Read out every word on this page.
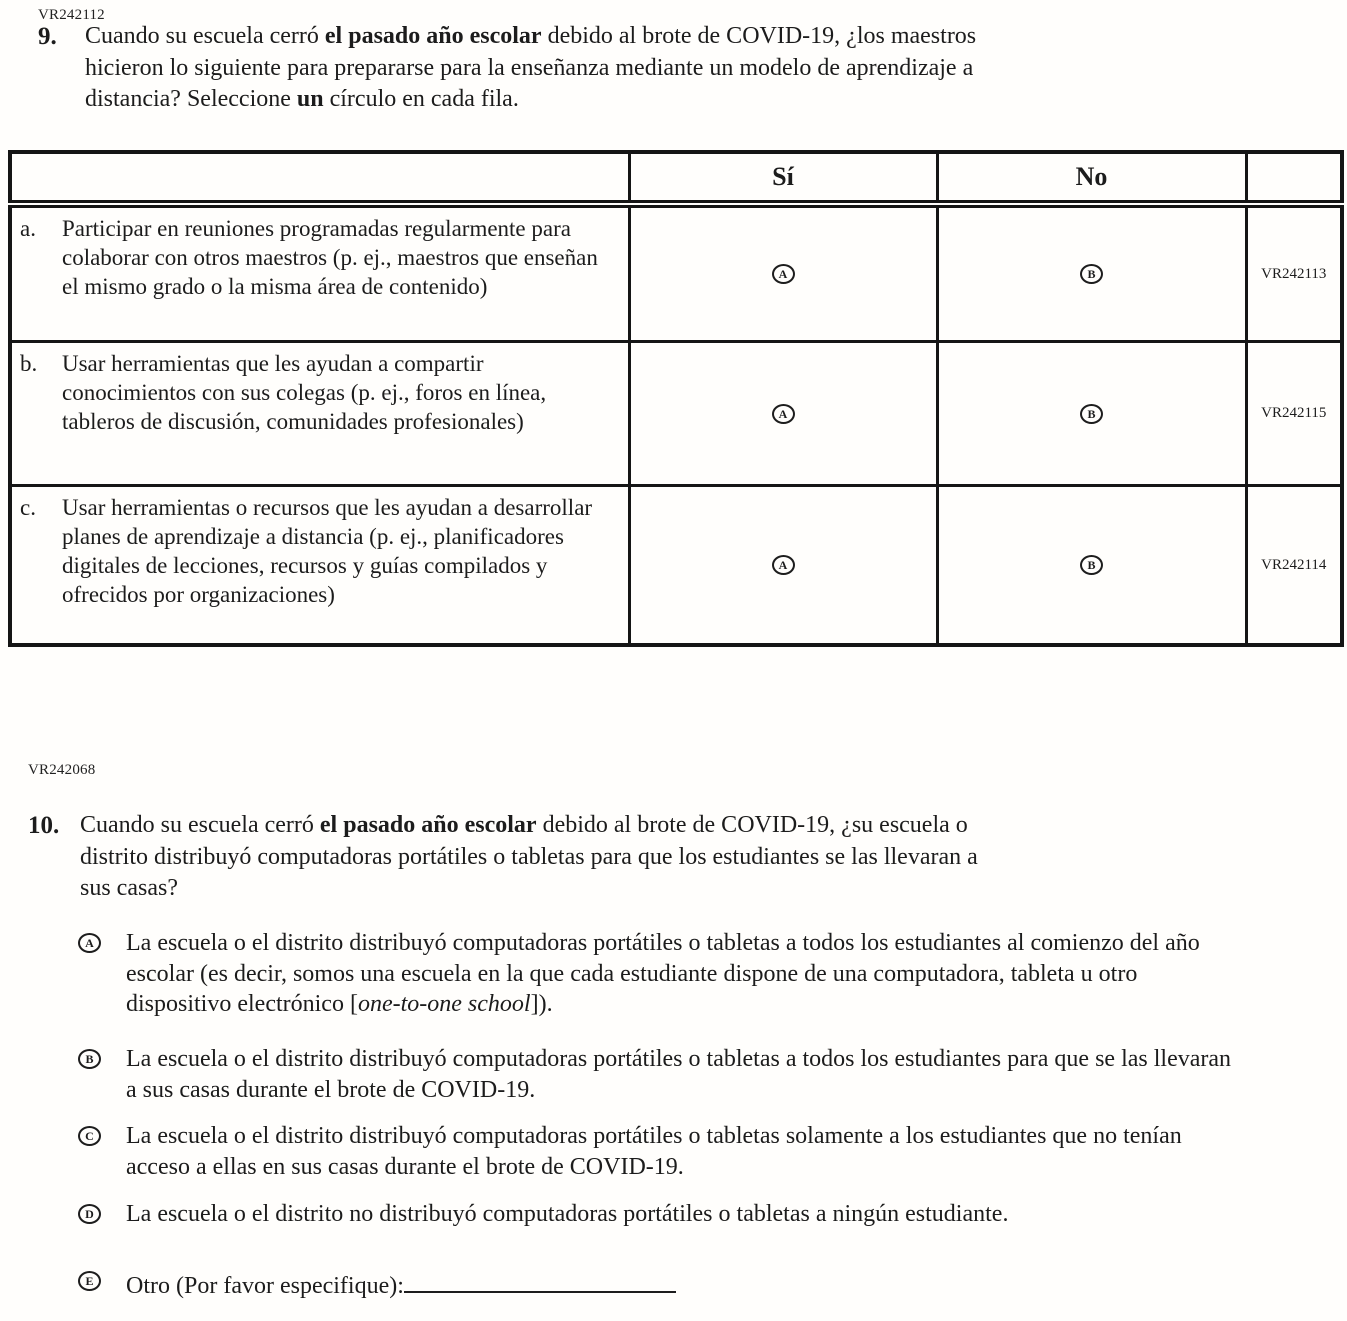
VR242112
9.	Cuando su escuela cerró el pasado año escolar debido al brote de COVID-19, ¿los maestros hicieron lo siguiente para prepararse para la enseñanza mediante un modelo de aprendizaje a distancia? Seleccione un círculo en cada fila.
	Sí	No	

a. Participar en reuniones programadas regularmente para colaborar con otros maestros (p. ej., maestros que enseñan el mismo grado o la misma área de contenido)	A	B	VR242113

b. Usar herramientas que les ayudan a compartir conocimientos con sus colegas (p. ej., foros en línea, tableros de discusión, comunidades profesionales)	A	B	VR242115

c. Usar herramientas o recursos que les ayudan a desarrollar planes de aprendizaje a distancia (p. ej., planificadores digitales de lecciones, recursos y guías compilados y ofrecidos por organizaciones)	A	B	VR242114
VR242068
10. Cuando su escuela cerró el pasado año escolar debido al brote de COVID-19, ¿su escuela o distrito distribuyó computadoras portátiles o tabletas para que los estudiantes se las llevaran a sus casas?
A La escuela o el distrito distribuyó computadoras portátiles o tabletas a todos los estudiantes al comienzo del año escolar (es decir, somos una escuela en la que cada estudiante dispone de una computadora, tableta u otro dispositivo electrónico [one-to-one school]).
B	La escuela o el distrito distribuyó computadoras portátiles o tabletas a todos los estudiantes para que se las llevaran a sus casas durante el brote de COVID-19.
C La escuela o el distrito distribuyó computadoras portátiles o tabletas solamente a los estudiantes que no tenían acceso a ellas en sus casas durante el brote de COVID-19.
D La escuela o el distrito no distribuyó computadoras portátiles o tabletas a ningún estudiante.
E	Otro (Por favor especifique):
